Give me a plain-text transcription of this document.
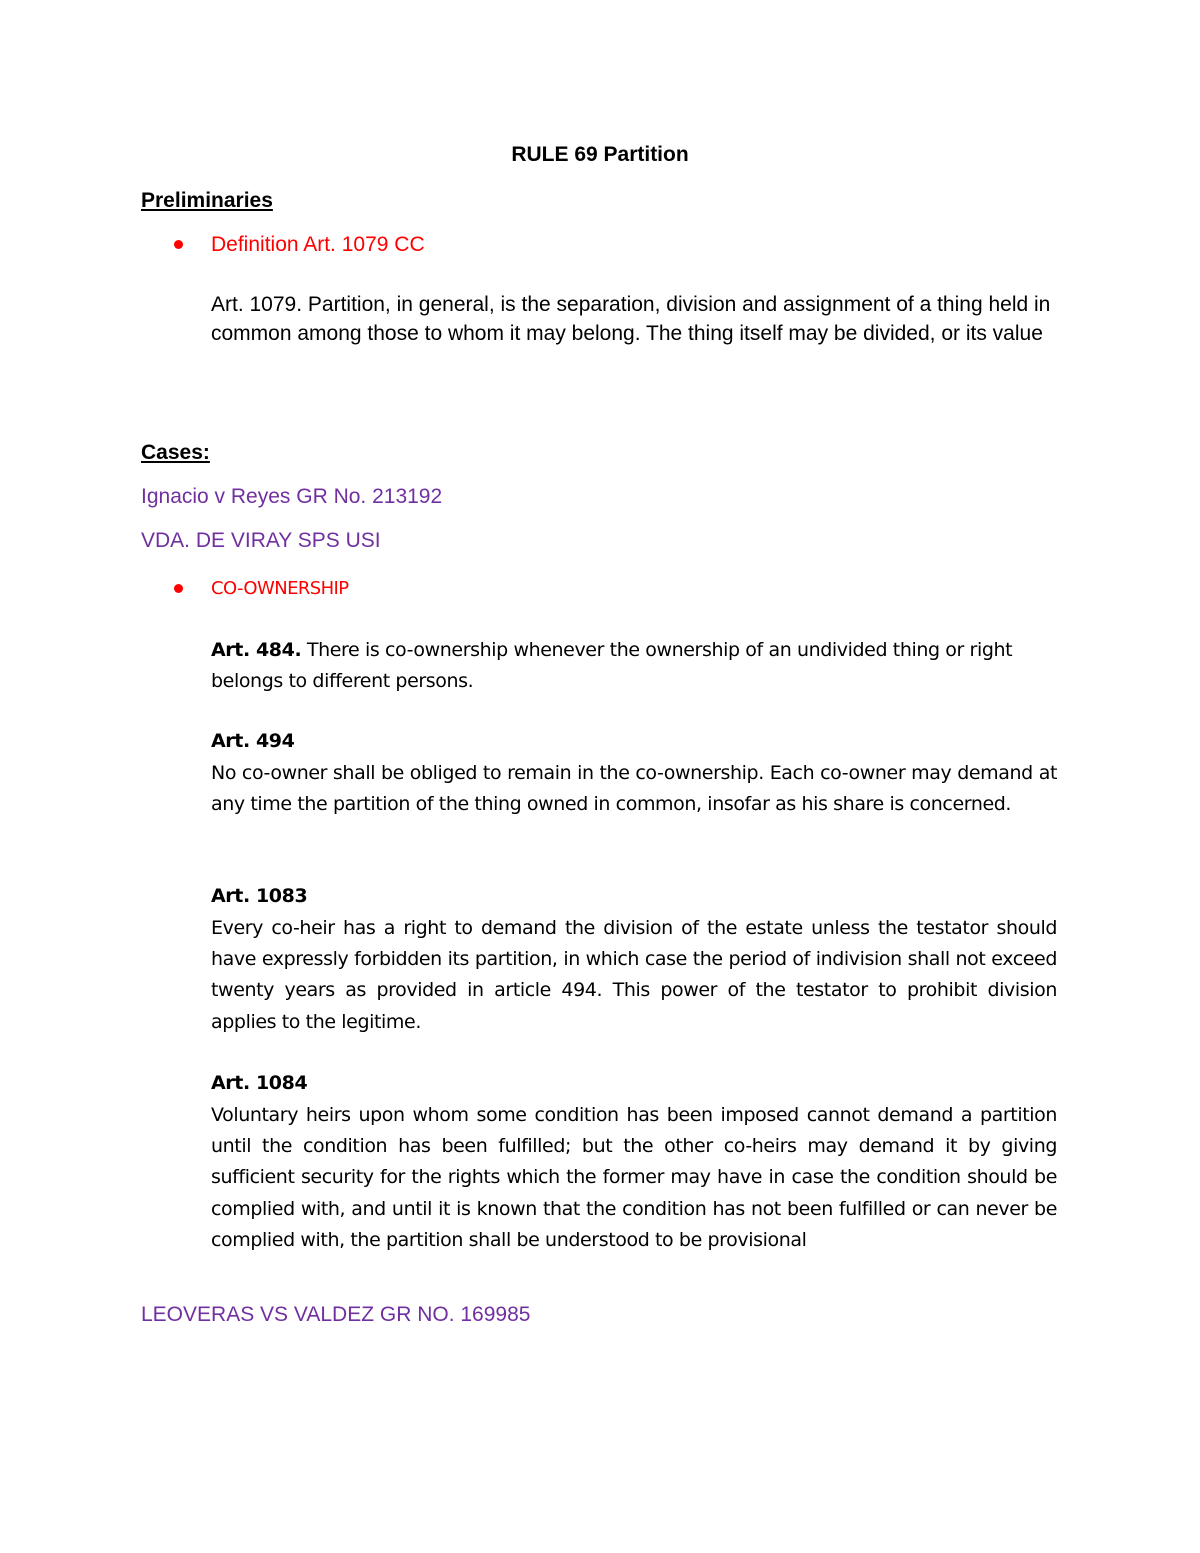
RULE 69 Partition
Preliminaries
Definition Art. 1079 CC
Art. 1079. Partition, in general, is the separation, division and assignment of a thing held in common among those to whom it may belong. The thing itself may be divided, or its value
Cases:
Ignacio v Reyes GR No. 213192
VDA. DE VIRAY SPS USI
CO-OWNERSHIP
Art. 484. There is co-ownership whenever the ownership of an undivided thing or right belongs to different persons.
Art. 494
No co-owner shall be obliged to remain in the co-ownership. Each co-owner may demand at any time the partition of the thing owned in common, insofar as his share is concerned.
Art. 1083
Every co-heir has a right to demand the division of the estate unless the testator should have expressly forbidden its partition, in which case the period of indivision shall not exceed twenty years as provided in article 494. This power of the testator to prohibit division applies to the legitime.
Art. 1084
Voluntary heirs upon whom some condition has been imposed cannot demand a partition until the condition has been fulfilled; but the other co-heirs may demand it by giving sufficient security for the rights which the former may have in case the condition should be complied with, and until it is known that the condition has not been fulfilled or can never be complied with, the partition shall be understood to be provisional
LEOVERAS VS VALDEZ GR NO. 169985
